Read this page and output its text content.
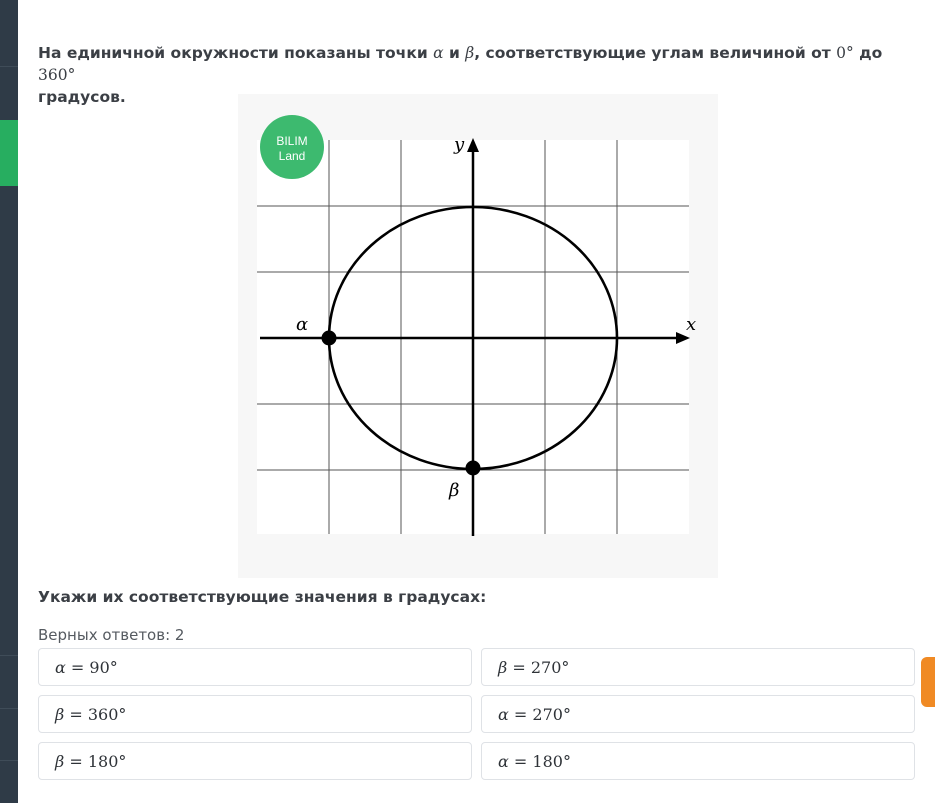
На единичной окружности показаны точки α и β, соответствующие углам величиной от 0° до 360°
градусов.
x
y
α
β
BILIM
Land
Укажи их соответствующие значения в градусах:
Верных ответов: 2
α
= 90°	β
= 270°
β
= 360°	α
= 270°
β
= 180°	α
= 180°
